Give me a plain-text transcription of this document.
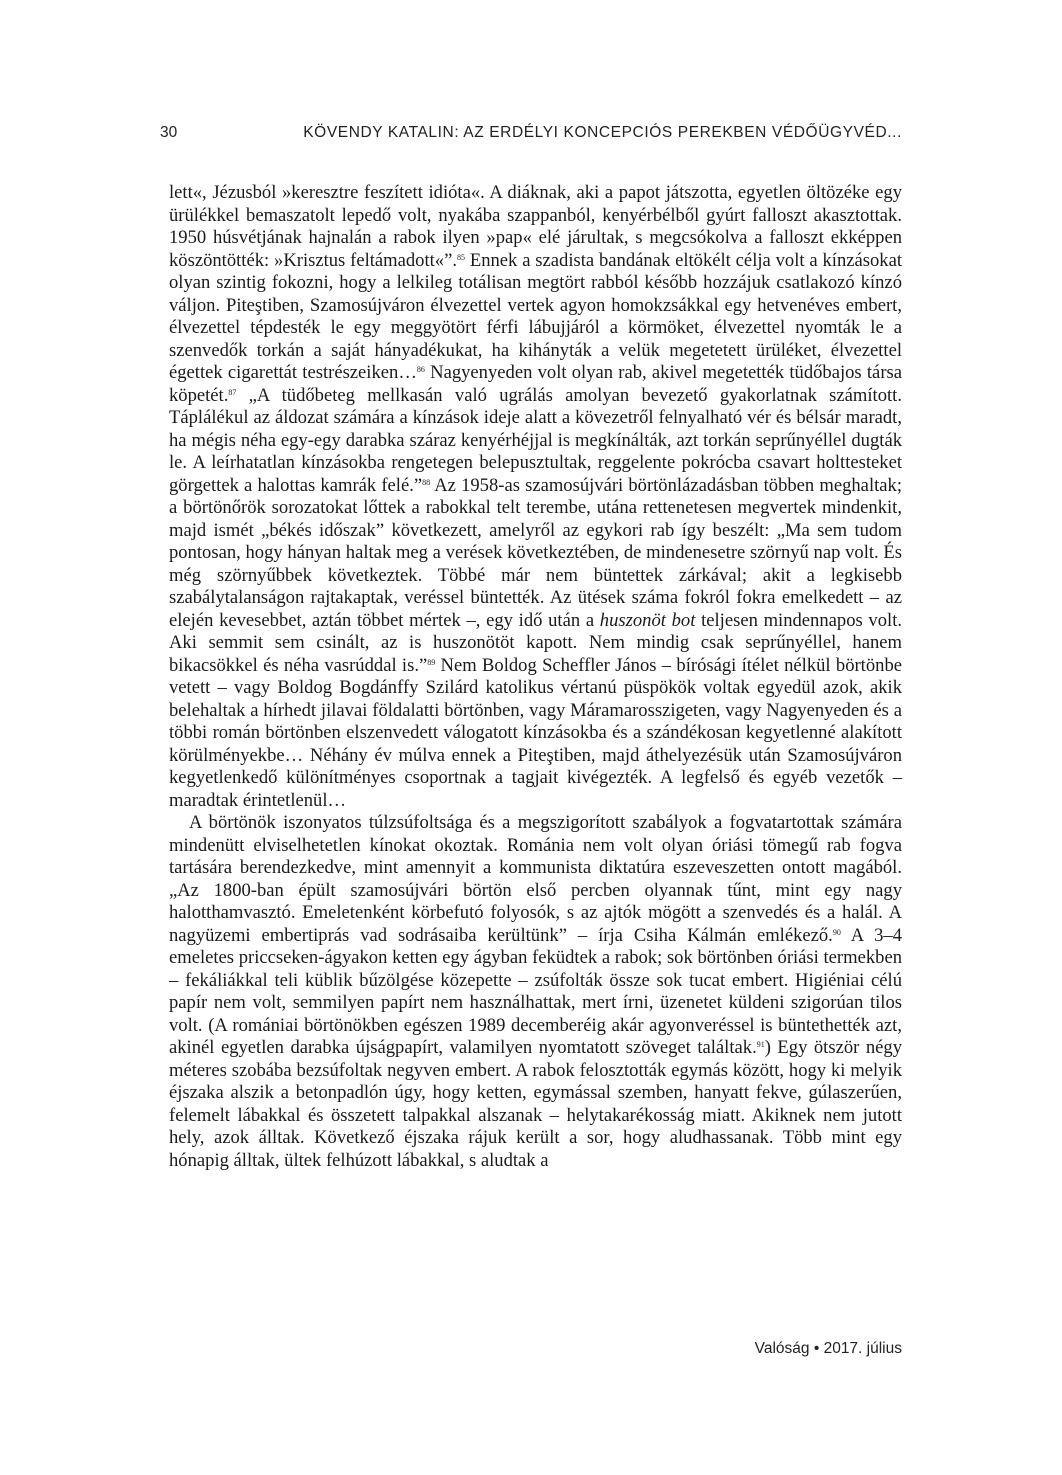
30	KÖVENDY KATALIN: AZ ERDÉLYI KONCEPCIÓS PEREKBEN VÉDŐÜGYVÉD...

lett«, Jézusból »keresztre feszített idióta«. A diáknak, aki a papot játszotta, egyetlen öltözéke egy ürülékkel bemaszatolt lepedő volt, nyakába szappanból, kenyérbélből gyúrt falloszt akasztottak. 1950 húsvétjának hajnalán a rabok ilyen »pap« elé járultak, s megcsókolva a falloszt ekképpen köszöntötték: »Krisztus feltámadott«”.$^{85}$ Ennek a szadista bandának eltökélt célja volt a kínzásokat olyan szintig fokozni, hogy a lelkileg totálisan megtört rabból később hozzájuk csatlakozó kínzó váljon. Piteştiben, Szamosújváron élvezettel vertek agyon homokzsákkal egy hetvenéves embert, élvezettel tépdesték le egy meggyötört férfi lábujjáról a körmöket, élvezettel nyomták le a szenvedők torkán a saját hányadékukat, ha kihányták a velük megetetett ürüléket, élvezettel égettek cigarettát testrészeiken…$^{86}$ Nagyenyeden volt olyan rab, akivel megetették tüdőbajos társa köpetét.$^{87}$ „A tüdőbeteg mellkasán való ugrálás amolyan bevezető gyakorlatnak számított. Táplálékul az áldozat számára a kínzások ideje alatt a kövezetről felnyalható vér és bélsár maradt, ha mégis néha egy-egy darabka száraz kenyérhéjjal is megkínálták, azt torkán seprűnyéllel dugták le. A leírhatatlan kínzásokba rengetegen belepusztultak, reggelente pokrócba csavart holttesteket görgettek a halottas kamrák felé.”$^{88}$ Az 1958-as szamosújvári börtönlázadásban többen meghaltak; a börtönőrök sorozatokat lőttek a rabokkal telt terembe, utána rettenetesen megvertek mindenkit, majd ismét „békés időszak” következett, amelyről az egykori rab így beszélt: „Ma sem tudom pontosan, hogy hányan haltak meg a verések következtében, de mindenesetre szörnyű nap volt. És még szörnyűbbek következtek. Többé már nem büntettek zárkával; akit a legkisebb szabálytalanságon rajtakaptak, veréssel büntették. Az ütések száma fokról fokra emelkedett – az elején kevesebbet, aztán többet mértek –, egy idő után a huszonöt bot teljesen mindennapos volt. Aki semmit sem csinált, az is huszonötöt kapott. Nem mindig csak seprűnyéllel, hanem bikacsökkel és néha vasrúddal is.”$^{89}$ Nem Boldog Scheffler János – bírósági ítélet nélkül börtönbe vetett – vagy Boldog Bogdánffy Szilárd katolikus vértanú püspökök voltak egyedül azok, akik belehaltak a hírhedt jilavai földalatti börtönben, vagy Máramarosszigeten, vagy Nagyenyeden és a többi román börtönben elszenvedett válogatott kínzásokba és a szándékosan kegyetlenné alakított körülményekbe… Néhány év múlva ennek a Piteştiben, majd áthelyezésük után Szamosújváron kegyetlenkedő különítményes csoportnak a tagjait kivégezték. A legfelső és egyéb vezetők – maradtak érintetlenül…

A börtönök iszonyatos túlzsúfoltsága és a megszigorított szabályok a fogvatartottak számára mindenütt elviselhetetlen kínokat okoztak. Románia nem volt olyan óriási tömegű rab fogva tartására berendezkedve, mint amennyit a kommunista diktatúra eszeveszetten ontott magából. „Az 1800-ban épült szamosújvári börtön első percben olyannak tűnt, mint egy nagy halotthamvasztó. Emeletenként körbefutó folyosók, s az ajtók mögött a szenvedés és a halál. A nagyüzemi embertiprás vad sodrásaiba kerültünk” – írja Csiha Kálmán emlékező.$^{90}$ A 3–4 emeletes priccseken-ágyakon ketten egy ágyban feküdtek a rabok; sok börtönben óriási termekben – fekáliákkal teli küblik bűzölgése közepette – zsúfolták össze sok tucat embert. Higiéniai célú papír nem volt, semmilyen papírt nem használhattak, mert írni, üzenetet küldeni szigorúan tilos volt. (A romániai börtönökben egészen 1989 decemberéig akár agyonveréssel is büntethették azt, akinél egyetlen darabka újságpapírt, valamilyen nyomtatott szöveget találtak.$^{91}$) Egy ötször négy méteres szobába bezsúfoltak negyven embert. A rabok felosztották egymás között, hogy ki melyik éjszaka alszik a betonpadlón úgy, hogy ketten, egymással szemben, hanyatt fekve, gúlaszerűen, felemelt lábakkal és összetett talpakkal alszanak – helytakarékosság miatt. Akiknek nem jutott hely, azok álltak. Következő éjszaka rájuk került a sor, hogy aludhassanak. Több mint egy hónapig álltak, ültek felhúzott lábakkal, s aludtak a

Valóság • 2017. július
